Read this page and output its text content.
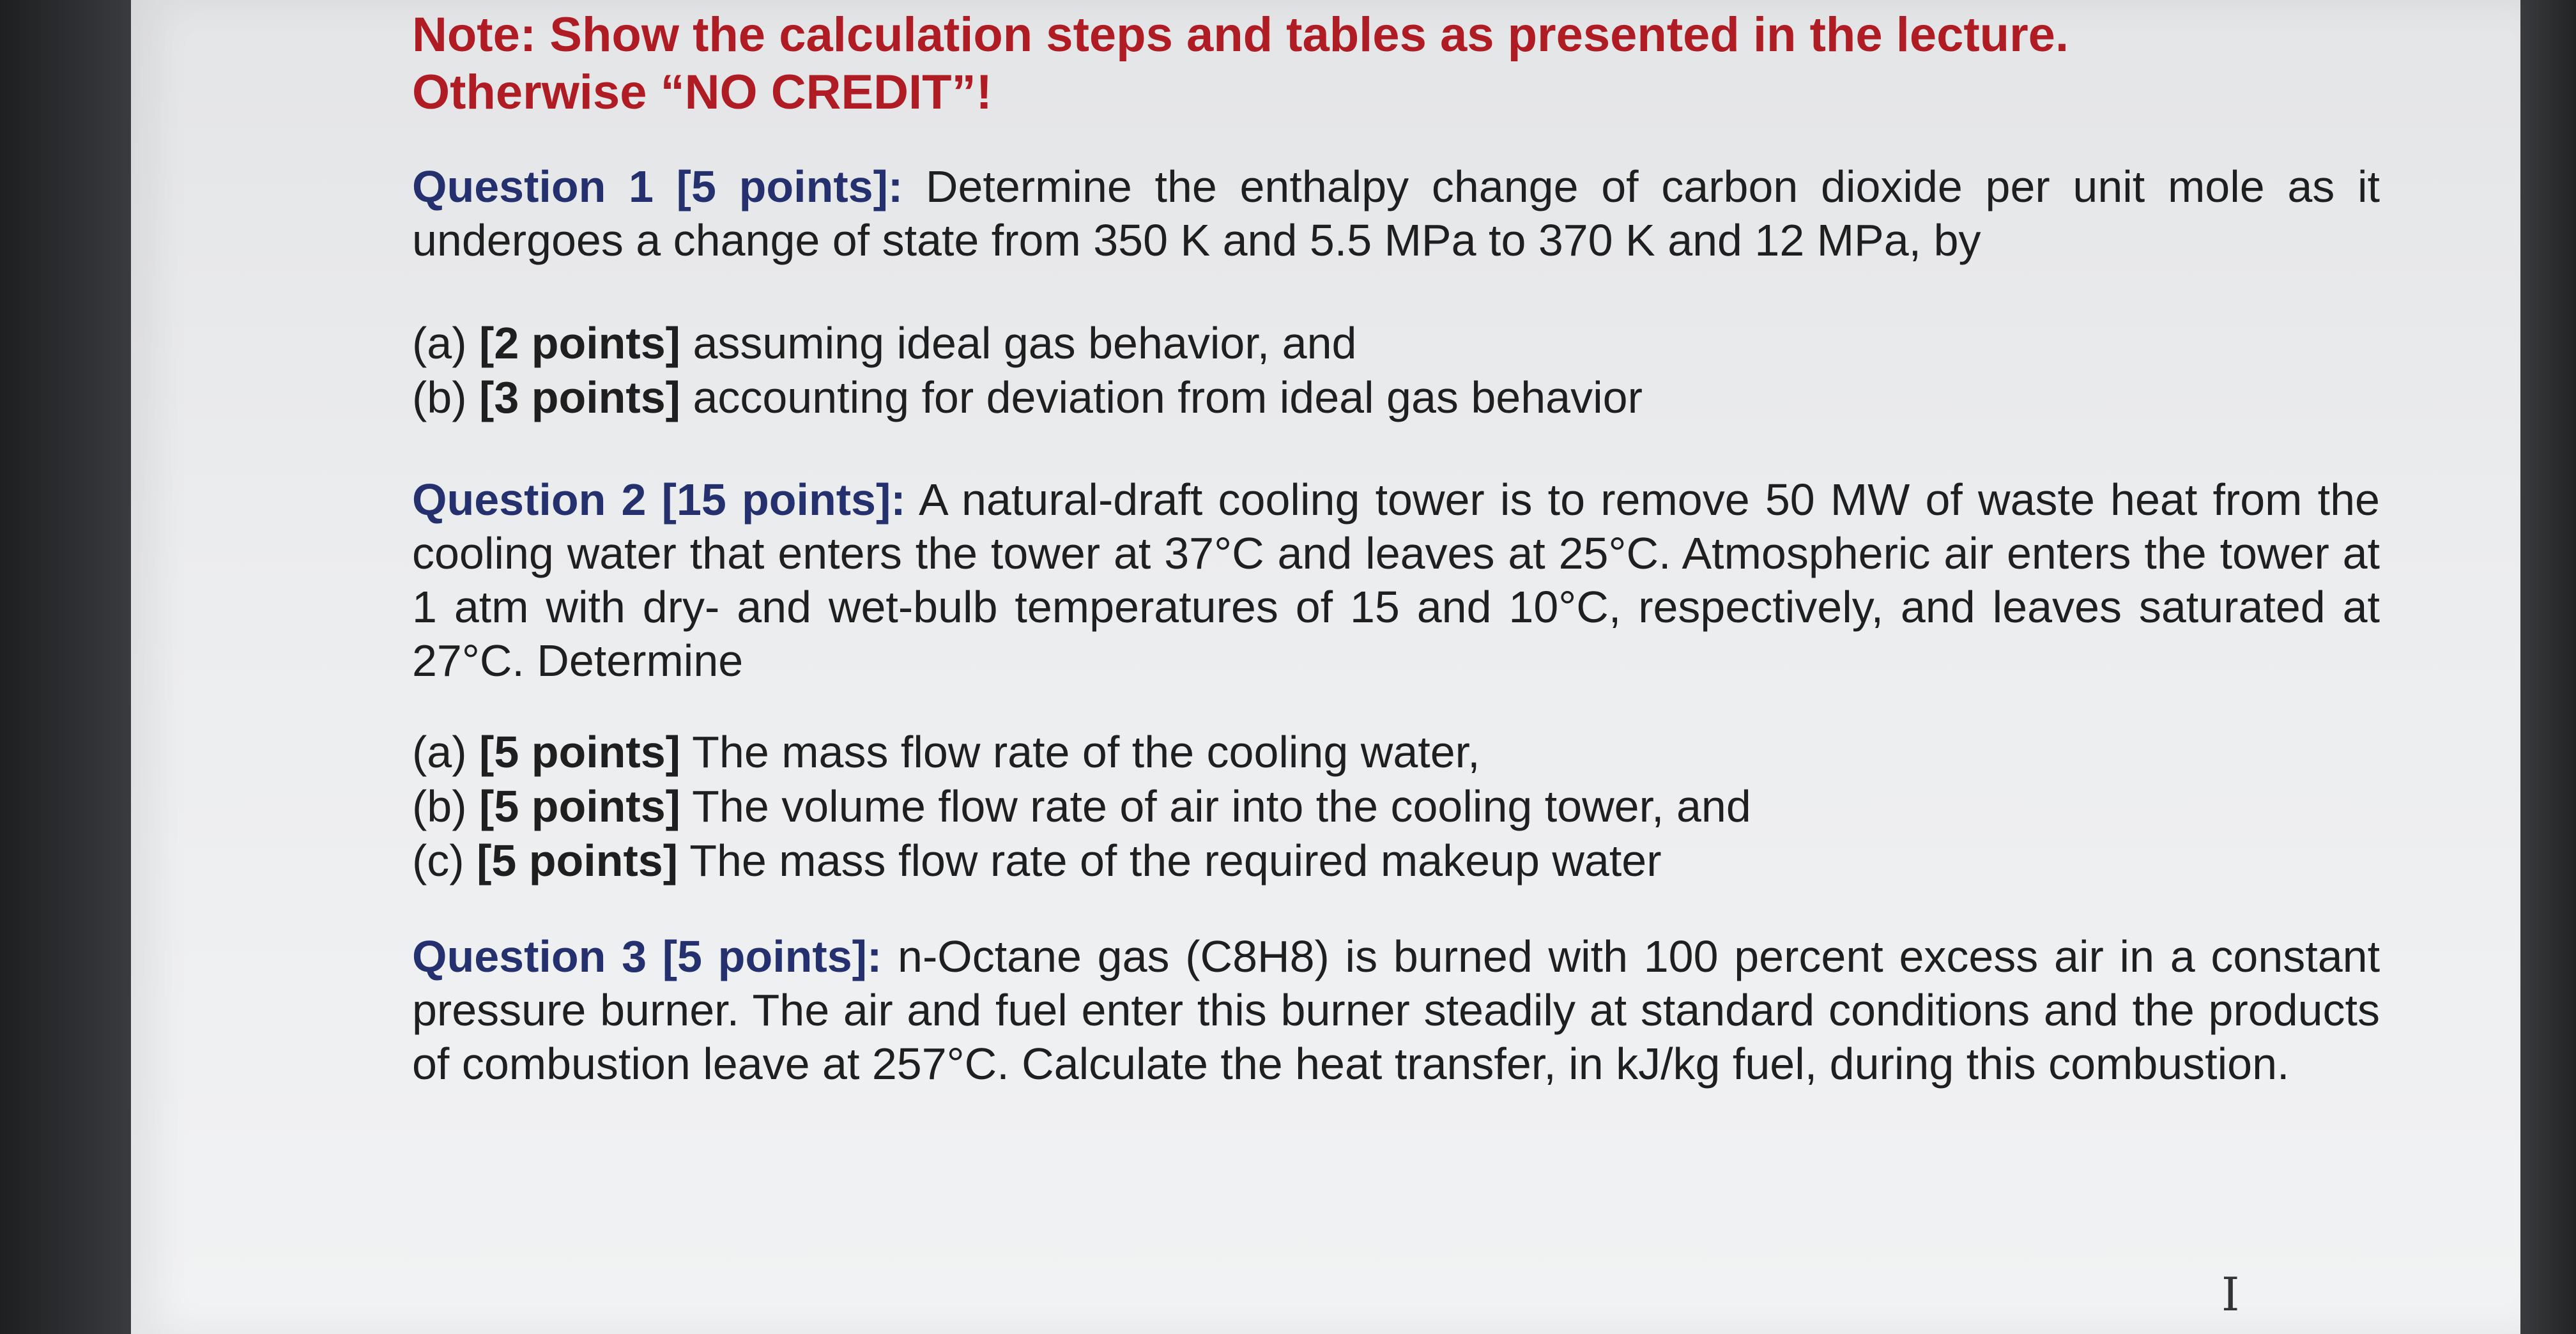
Note: Show the calculation steps and tables as presented in the lecture.
Otherwise “NO CREDIT”!
Question 1 [5 points]: Determine the enthalpy change of carbon dioxide per unit mole as it undergoes a change of state from 350 K and 5.5 MPa to 370 K and 12 MPa, by
(a) [2 points] assuming ideal gas behavior, and
(b) [3 points] accounting for deviation from ideal gas behavior
Question 2 [15 points]: A natural-draft cooling tower is to remove 50 MW of waste heat from the cooling water that enters the tower at 37°C and leaves at 25°C. Atmospheric air enters the tower at 1 atm with dry- and wet-bulb temperatures of 15 and 10°C, respectively, and leaves saturated at 27°C. Determine
(a) [5 points] The mass flow rate of the cooling water,
(b) [5 points] The volume flow rate of air into the cooling tower, and
(c) [5 points] The mass flow rate of the required makeup water
Question 3 [5 points]: n-Octane gas (C8H8) is burned with 100 percent excess air in a constant pressure burner. The air and fuel enter this burner steadily at standard conditions and the products of combustion leave at 257°C. Calculate the heat transfer, in kJ/kg fuel, during this combustion.
I
